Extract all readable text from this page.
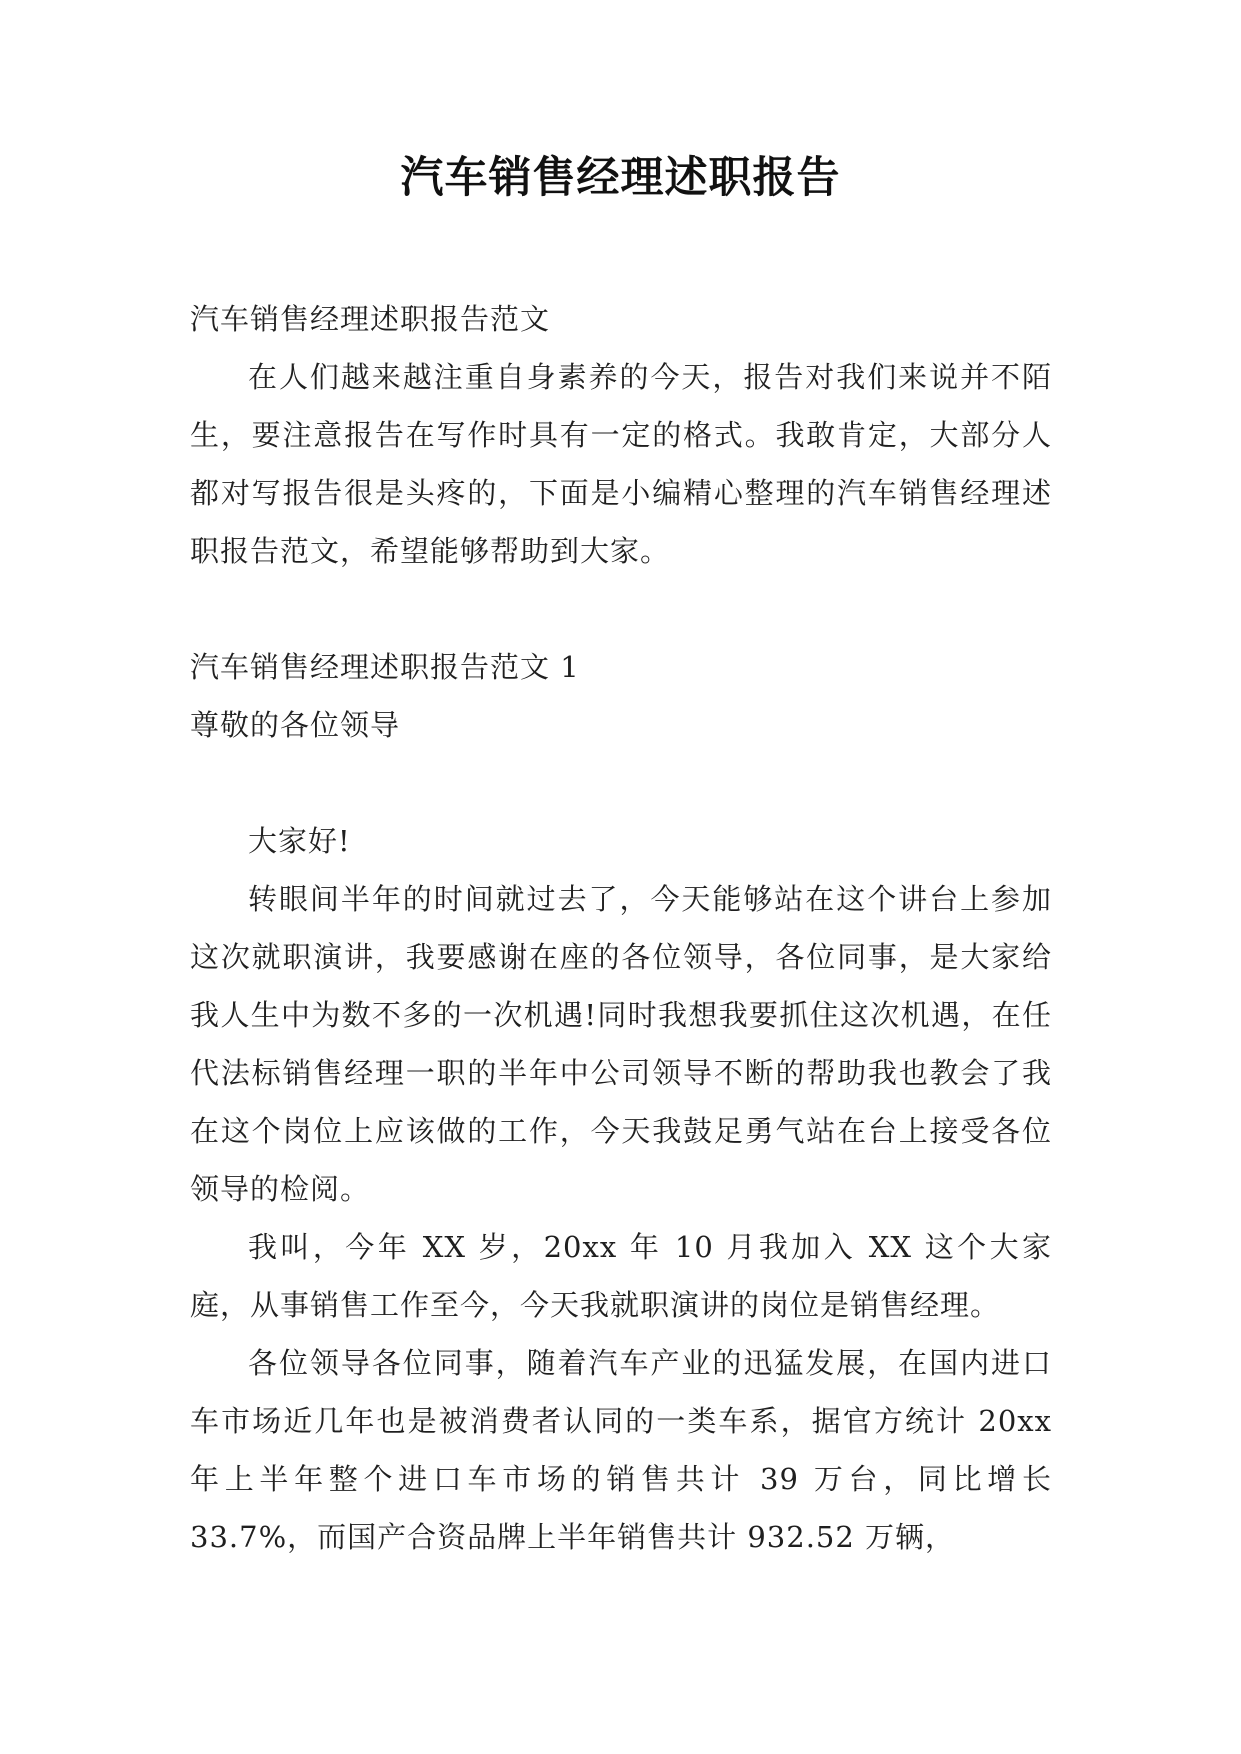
汽车销售经理述职报告

汽车销售经理述职报告范文

在人们越来越注重自身素养的今天，报告对我们来说并不陌生，要注意报告在写作时具有一定的格式。我敢肯定，大部分人都对写报告很是头疼的，下面是小编精心整理的汽车销售经理述职报告范文，希望能够帮助到大家。

汽车销售经理述职报告范文 1

尊敬的各位领导

大家好!

转眼间半年的时间就过去了，今天能够站在这个讲台上参加这次就职演讲，我要感谢在座的各位领导，各位同事，是大家给我人生中为数不多的一次机遇!同时我想我要抓住这次机遇，在任代法标销售经理一职的半年中公司领导不断的帮助我也教会了我在这个岗位上应该做的工作，今天我鼓足勇气站在台上接受各位领导的检阅。

我叫，今年 XX 岁，20xx 年 10 月我加入 XX 这个大家庭，从事销售工作至今，今天我就职演讲的岗位是销售经理。

各位领导各位同事，随着汽车产业的迅猛发展，在国内进口车市场近几年也是被消费者认同的一类车系，据官方统计 20xx 年上半年整个进口车市场的销售共计 39 万台，同比增长 33.7%，而国产合资品牌上半年销售共计 932.52 万辆，
